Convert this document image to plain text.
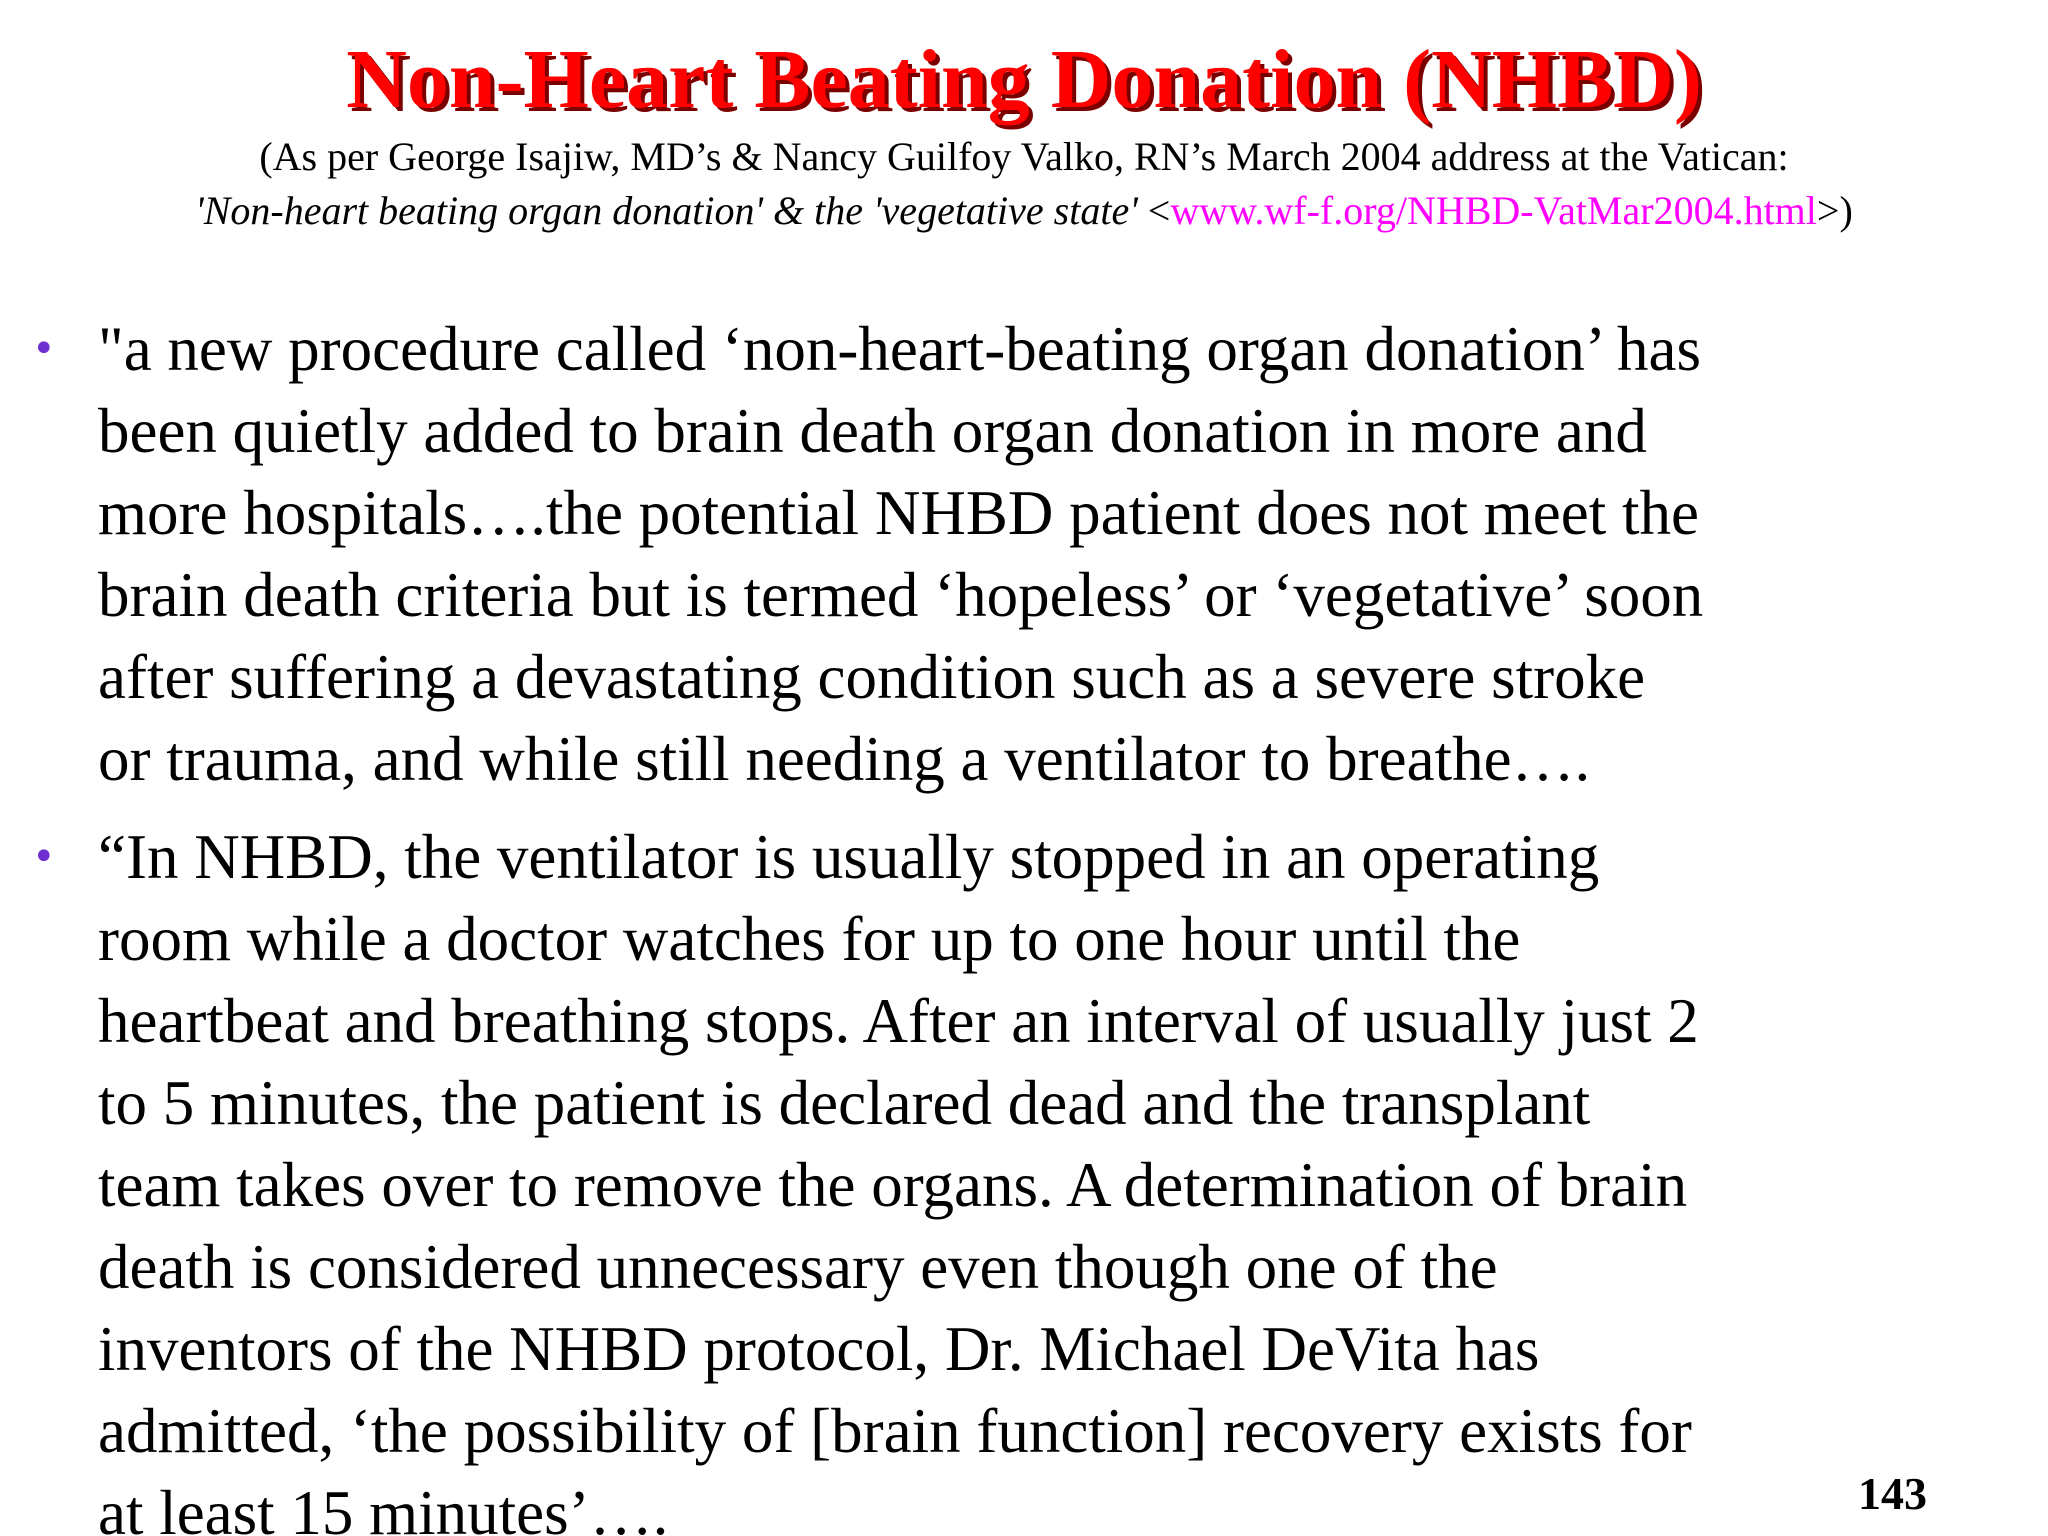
Non-Heart Beating Donation (NHBD)
(As per George Isajiw, MD’s & Nancy Guilfoy Valko, RN’s March 2004 address at the Vatican:
'Non-heart beating organ donation' & the 'vegetative state' <www.wf-f.org/NHBD-VatMar2004.html>)
• "a new procedure called ‘non-heart-beating organ donation’ has
been quietly added to brain death organ donation in more and
more hospitals….the potential NHBD patient does not meet the
brain death criteria but is termed ‘hopeless’ or ‘vegetative’ soon
after suffering a devastating condition such as a severe stroke
or trauma, and while still needing a ventilator to breathe….
• “In NHBD, the ventilator is usually stopped in an operating
room while a doctor watches for up to one hour until the
heartbeat and breathing stops. After an interval of usually just 2
to 5 minutes, the patient is declared dead and the transplant
team takes over to remove the organs. A determination of brain
death is considered unnecessary even though one of the
inventors of the NHBD protocol, Dr. Michael DeVita has
admitted, ‘the possibility of [brain function] recovery exists for
at least 15 minutes’….	143
